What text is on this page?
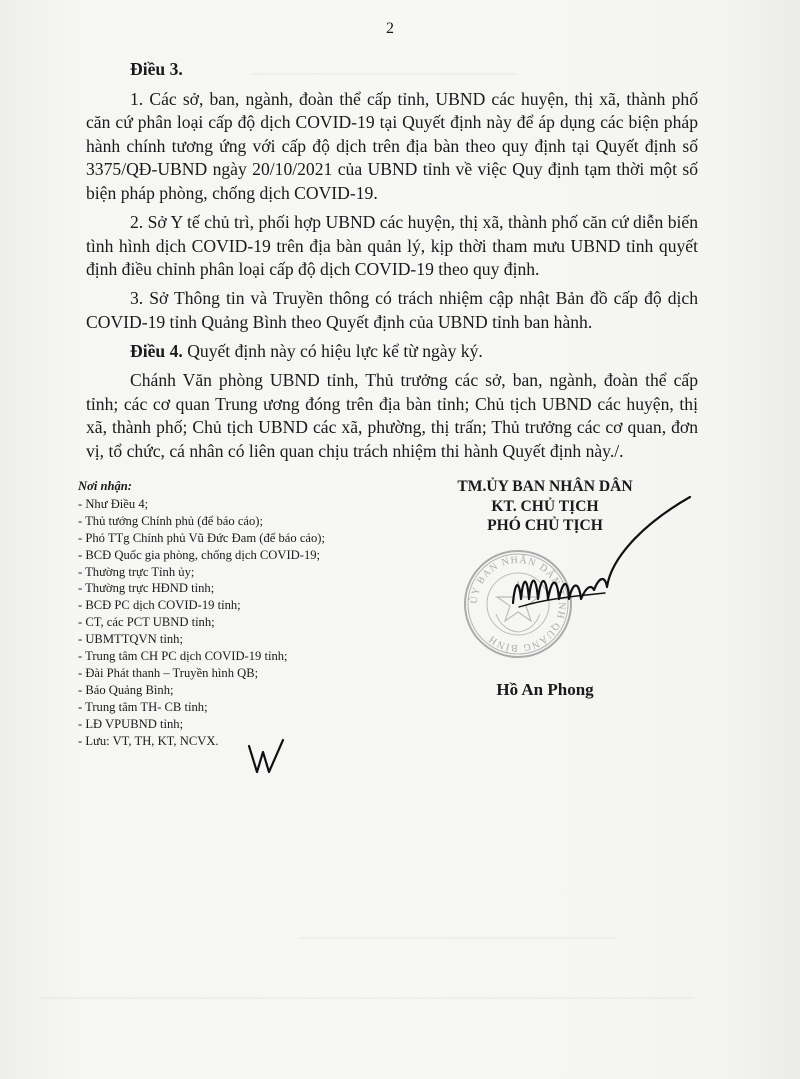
~~~~~~~~~~~~~~~~~~~~~~~~~~~~~~~~~~~~~~
~~~~~~~~~~~~~~~~~~~~~~~~~~~~~~~~~~~~~~~~~~~~~
~~~~~~~~~~~~~~~~~~~~~~~~~~~~~~~~~~~~~~~~~~~~~~~~~~~~~~~~~~~~~~~~~~~~~~~~~~~~~~~~~~~~~~~~~~~~~
2

Điều 3.

1. Các sở, ban, ngành, đoàn thể cấp tỉnh, UBND các huyện, thị xã, thành phố căn cứ phân loại cấp độ dịch COVID-19 tại Quyết định này để áp dụng các biện pháp hành chính tương ứng với cấp độ dịch trên địa bàn theo quy định tại Quyết định số 3375/QĐ-UBND ngày 20/10/2021 của UBND tỉnh về việc Quy định tạm thời một số biện pháp phòng, chống dịch COVID-19.

2. Sở Y tế chủ trì, phối hợp UBND các huyện, thị xã, thành phố căn cứ diễn biến tình hình dịch COVID-19 trên địa bàn quản lý, kịp thời tham mưu UBND tỉnh quyết định điều chỉnh phân loại cấp độ dịch COVID-19 theo quy định.

3. Sở Thông tin và Truyền thông có trách nhiệm cập nhật Bản đồ cấp độ dịch COVID-19 tỉnh Quảng Bình theo Quyết định của UBND tỉnh ban hành.

Điều 4. Quyết định này có hiệu lực kể từ ngày ký.

Chánh Văn phòng UBND tỉnh, Thủ trưởng các sở, ban, ngành, đoàn thể cấp tỉnh; các cơ quan Trung ương đóng trên địa bàn tỉnh; Chủ tịch UBND các huyện, thị xã, thành phố; Chủ tịch UBND các xã, phường, thị trấn; Thủ trưởng các cơ quan, đơn vị, tổ chức, cá nhân có liên quan chịu trách nhiệm thi hành Quyết định này./.

Nơi nhận:
- Như Điều 4;
- Thủ tướng Chính phủ (để báo cáo);
- Phó TTg Chính phủ Vũ Đức Đam (để báo cáo);
- BCĐ Quốc gia phòng, chống dịch COVID-19;
- Thường trực Tỉnh ủy;
- Thường trực HĐND tỉnh;
- BCĐ PC dịch COVID-19 tỉnh;
- CT, các PCT UBND tỉnh;
- UBMTTQVN tỉnh;
- Trung tâm CH PC dịch COVID-19 tỉnh;
- Đài Phát thanh – Truyền hình QB;
- Báo Quảng Bình;
- Trung tâm TH- CB tỉnh;
- LĐ VPUBND tỉnh;
- Lưu: VT, TH, KT, NCVX.
TM.ỦY BAN NHÂN DÂN
KT. CHỦ TỊCH
PHÓ CHỦ TỊCH
ỦY BAN NHÂN DÂN TỈNH QUẢNG BÌNH
Hồ An Phong
